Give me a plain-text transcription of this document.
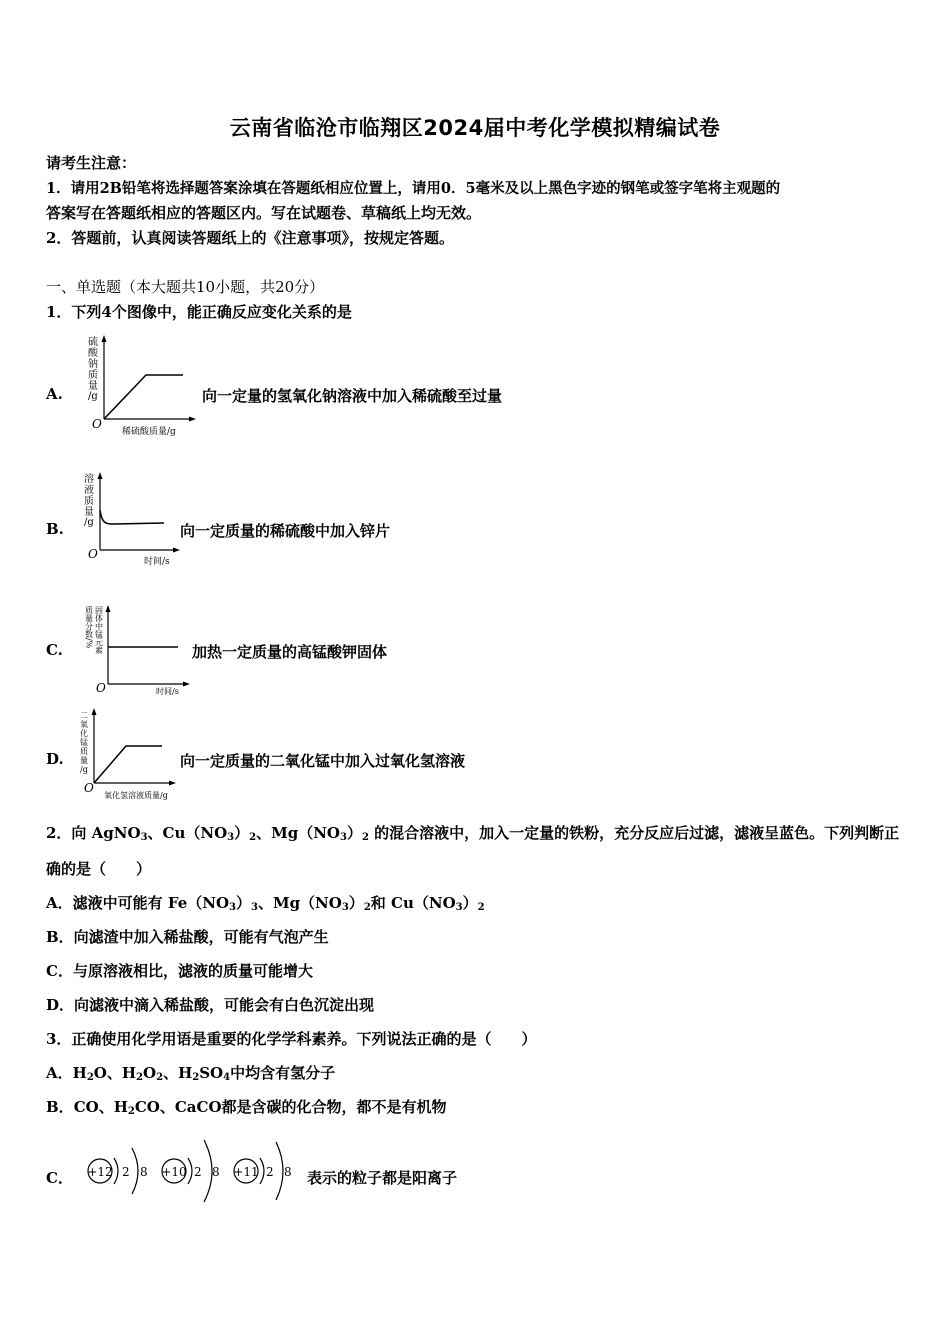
云南省临沧市临翔区2024届中考化学模拟精编试卷
请考生注意：
1．请用2B铅笔将选择题答案涂填在答题纸相应位置上，请用0．5毫米及以上黑色字迹的钢笔或签字笔将主观题的
答案写在答题纸相应的答题区内。写在试题卷、草稿纸上均无效。
2．答题前，认真阅读答题纸上的《注意事项》，按规定答题。
一、单选题（本大题共10小题，共20分）
1．下列4个图像中，能正确反应变化关系的是
A.
硫 酸 钠 质 量 /g
O
稀硫酸质量/g
向一定量的氢氧化钠溶液中加入稀硫酸至过量
B.
溶 液 质 量 /g
O
时间/s
向一定质量的稀硫酸中加入锌片
C.	固体中锰元素
质量分数/%
O	时间/s
加热一定质量的高锰酸钾固体
D.
二 氧 化 锰 质 量 /g
O
氧化氢溶液质量/g
向一定质量的二氧化锰中加入过氧化氢溶液
2．向 AgNO$_3$、$Cu(NO_3)_2$、$Mg(NO_3)_2$ 的混合溶液中，加入一定量的铁粉，充分反应后过滤，滤液呈蓝色。下列判断正
确的是（　　）
A．滤液中可能有 $Fe(NO_3)_3$、$Mg(NO_3)_2$和 $Cu(NO_3)_2$
B．向滤渣中加入稀盐酸，可能有气泡产生
C．与原溶液相比，滤液的质量可能增大
D．向滤液中滴入稀盐酸，可能会有白色沉淀出现
3．正确使用化学用语是重要的化学学科素养。下列说法正确的是（　　）
A．$H_2O$、$H_2O_2$、$H_2SO_4$中均含有氢分子
B．CO、$H_2CO$、CaCO都是含碳的化合物，都不是有机物
C． +12 2 8 +10 2 8 +11 2 8 表示的粒子都是阳离子
